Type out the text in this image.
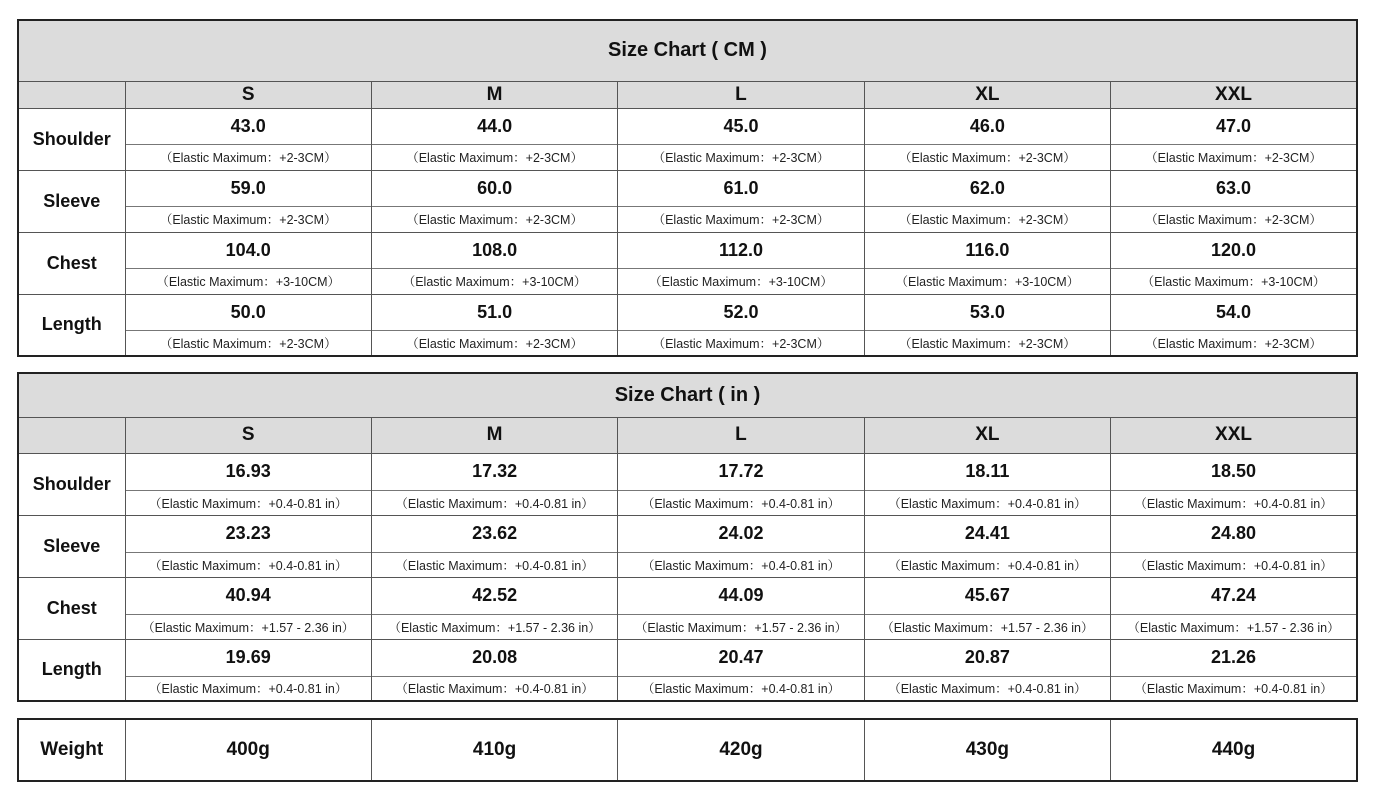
Size Chart ( CM )					
	S	M	L	XL	XXL
Shoulder	43.0	44.0	45.0	46.0	47.0
	（Elastic Maximum：+2-3CM）	（Elastic Maximum：+2-3CM）	（Elastic Maximum：+2-3CM）	（Elastic Maximum：+2-3CM）	（Elastic Maximum：+2-3CM）
Sleeve	59.0	60.0	61.0	62.0	63.0
	（Elastic Maximum：+2-3CM）	（Elastic Maximum：+2-3CM）	（Elastic Maximum：+2-3CM）	（Elastic Maximum：+2-3CM）	（Elastic Maximum：+2-3CM）
Chest	104.0	108.0	112.0	116.0	120.0
	（Elastic Maximum：+3-10CM）	（Elastic Maximum：+3-10CM）	（Elastic Maximum：+3-10CM）	（Elastic Maximum：+3-10CM）	（Elastic Maximum：+3-10CM）
Length	50.0	51.0	52.0	53.0	54.0
	（Elastic Maximum：+2-3CM）	（Elastic Maximum：+2-3CM）	（Elastic Maximum：+2-3CM）	（Elastic Maximum：+2-3CM）	（Elastic Maximum：+2-3CM）
Size Chart ( in )					
	S	M	L	XL	XXL
Shoulder	16.93	17.32	17.72	18.11	18.50
	（Elastic Maximum：+0.4-0.81 in）	（Elastic Maximum：+0.4-0.81 in）	（Elastic Maximum：+0.4-0.81 in）	（Elastic Maximum：+0.4-0.81 in）	（Elastic Maximum：+0.4-0.81 in）
Sleeve	23.23	23.62	24.02	24.41	24.80
	（Elastic Maximum：+0.4-0.81 in）	（Elastic Maximum：+0.4-0.81 in）	（Elastic Maximum：+0.4-0.81 in）	（Elastic Maximum：+0.4-0.81 in）	（Elastic Maximum：+0.4-0.81 in）
Chest	40.94	42.52	44.09	45.67	47.24
	（Elastic Maximum：+1.57 - 2.36 in）	（Elastic Maximum：+1.57 - 2.36 in）	（Elastic Maximum：+1.57 - 2.36 in）	（Elastic Maximum：+1.57 - 2.36 in）	（Elastic Maximum：+1.57 - 2.36 in）
Length	19.69	20.08	20.47	20.87	21.26
	（Elastic Maximum：+0.4-0.81 in）	（Elastic Maximum：+0.4-0.81 in）	（Elastic Maximum：+0.4-0.81 in）	（Elastic Maximum：+0.4-0.81 in）	（Elastic Maximum：+0.4-0.81 in）
Weight	400g	410g	420g	430g	440g
